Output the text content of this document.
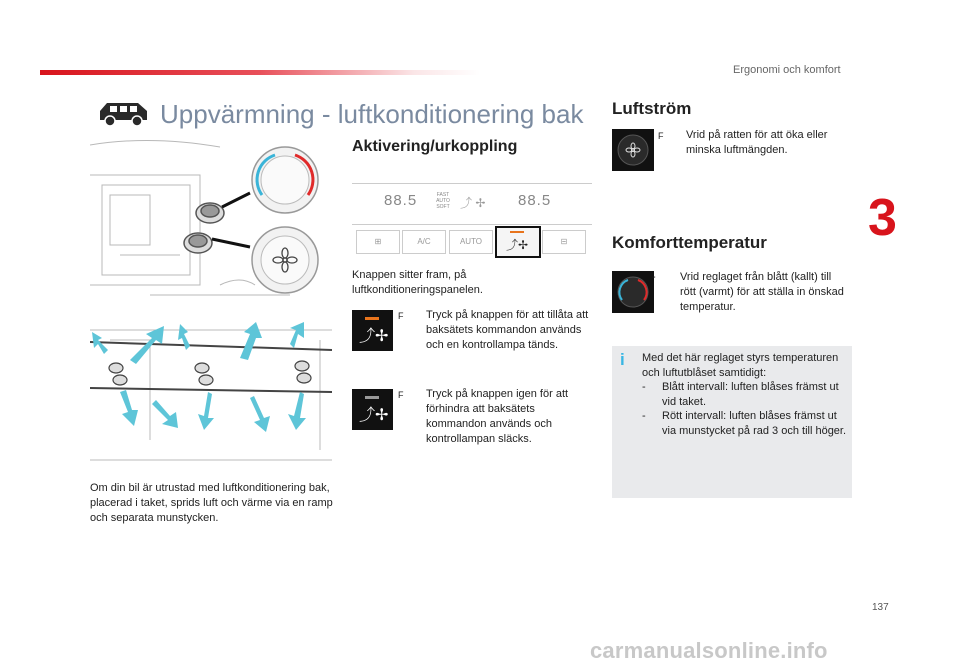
Ergonomi och komfort
3
Uppvärmning - luftkonditionering bak
Om din bil är utrustad med luftkonditionering bak, placerad i taket, sprids luft och värme via en ramp och separata munstycken.
Aktivering/urkoppling
88.5	FAST AUTO SOFT ⤴ ✢ 88.5
⊞	A/C	AUTO	⤴✢	⊟
Knappen sitter fram, på luftkonditioneringspanelen.
⤴✢
F	Tryck på knappen för att tillåta att baksätets kommandon används och en kontrollampa tänds.
⤴✢
F	Tryck på knappen igen för att förhindra att baksätets kommandon används och kontrollampan släcks.
Luftström
F	Vrid på ratten för att öka eller minska luftmängden.
Komforttemperatur
-	Vrid reglaget från blått (kallt) till rött (varmt) för att ställa in önskad temperatur.
i Med det här reglaget styrs temperaturen och luftutblåset samtidigt:
-	Blått intervall: luften blåses främst ut vid taket.
-	Rött intervall: luften blåses främst ut via munstycket på rad 3 och till höger.
137
carmanualsonline.info
